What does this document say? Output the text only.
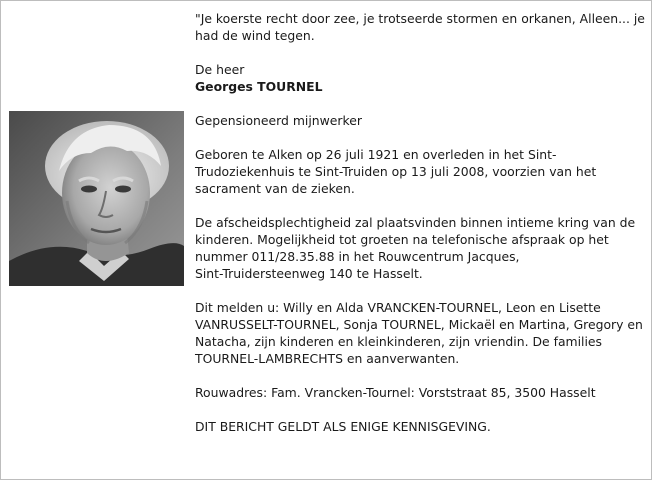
"Je koerste recht door zee, je trotseerde stormen en orkanen, Alleen... je had de wind tegen.

De heer

Georges TOURNEL

Gepensioneerd mijnwerker

Geboren te Alken op 26 juli 1921 en overleden in het Sint-Trudoziekenhuis te Sint-Truiden op 13 juli 2008, voorzien van het sacrament van de zieken.

De afscheidsplechtigheid zal plaatsvinden binnen intieme kring van de kinderen. Mogelijkheid tot groeten na telefonische afspraak op het nummer 011/28.35.88 in het Rouwcentrum Jacques,
Sint-Truidersteenweg 140 te Hasselt.

Dit melden u: Willy en Alda VRANCKEN-TOURNEL, Leon en Lisette VANRUSSELT-TOURNEL, Sonja TOURNEL, Mickaël en Martina, Gregory en Natacha, zijn kinderen en kleinkinderen, zijn vriendin. De families TOURNEL-LAMBRECHTS en aanverwanten.

Rouwadres: Fam. Vrancken-Tournel: Vorststraat 85, 3500 Hasselt

DIT BERICHT GELDT ALS ENIGE KENNISGEVING.
